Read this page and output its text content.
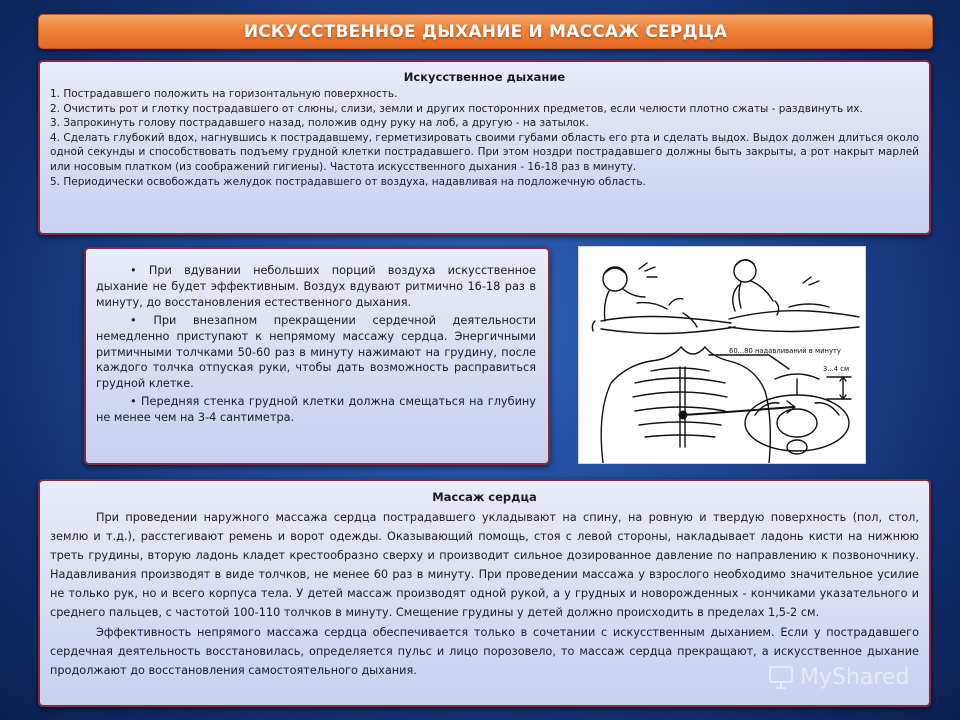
ИСКУССТВЕННОЕ ДЫХАНИЕ И МАССАЖ СЕРДЦА
Искусственное дыхание

1. Пострадавшего положить на горизонтальную поверхность.

2. Очистить рот и глотку пострадавшего от слюны, слизи, земли и других посторонних предметов, если челюсти плотно сжаты - раздвинуть их.

3. Запрокинуть голову пострадавшего назад, положив одну руку на лоб, а другую - на затылок.

4. Сделать глубокий вдох, нагнувшись к пострадавшему, герметизировать своими губами область его рта и сделать выдох. Выдох должен длиться около одной секунды и способствовать подъему грудной клетки пострадавшего. При этом ноздри пострадавшего должны быть закрыты, а рот накрыт марлей или носовым платком (из соображений гигиены). Частота искусственного дыхания - 16-18 раз в минуту.

5. Периодически освобождать желудок пострадавшего от воздуха, надавливая на подложечную область.

• При вдувании небольших порций воздуха искусственное дыхание не будет эффективным. Воздух вдувают ритмично 16-18 раз в минуту, до восстановления естественного дыхания.

• При внезапном прекращении сердечной деятельности немедленно приступают к непрямому массажу сердца. Энергичными ритмичными толчками 50-60 раз в минуту нажимают на грудину, после каждого толчка отпуская руки, чтобы дать возможность расправиться грудной клетке.

• Передняя стенка грудной клетки должна смещаться на глубину не менее чем на 3-4 сантиметра.

60...80 надавливаний в минуту
3...4 см
Массаж сердца

При проведении наружного массажа сердца пострадавшего укладывают на спину, на ровную и твердую поверхность (пол, стол, землю и т.д.), расстегивают ремень и ворот одежды. Оказывающий помощь, стоя с левой стороны, накладывает ладонь кисти на нижнюю треть грудины, вторую ладонь кладет крестообразно сверху и производит сильное дозированное давление по направлению к позвоночнику. Надавливания производят в виде толчков, не менее 60 раз в минуту. При проведении массажа у взрослого необходимо значительное усилие не только рук, но и всего корпуса тела. У детей массаж производят одной рукой, а у грудных и новорожденных - кончиками указательного и среднего пальцев, с частотой 100-110 толчков в минуту. Смещение грудины у детей должно происходить в пределах 1,5-2 см.

Эффективность непрямого массажа сердца обеспечивается только в сочетании с искусственным дыханием. Если у пострадавшего сердечная деятельность восстановилась, определяется пульс и лицо порозовело, то массаж сердца прекращают, а искусственное дыхание продолжают до восстановления самостоятельного дыхания.	MyShared
